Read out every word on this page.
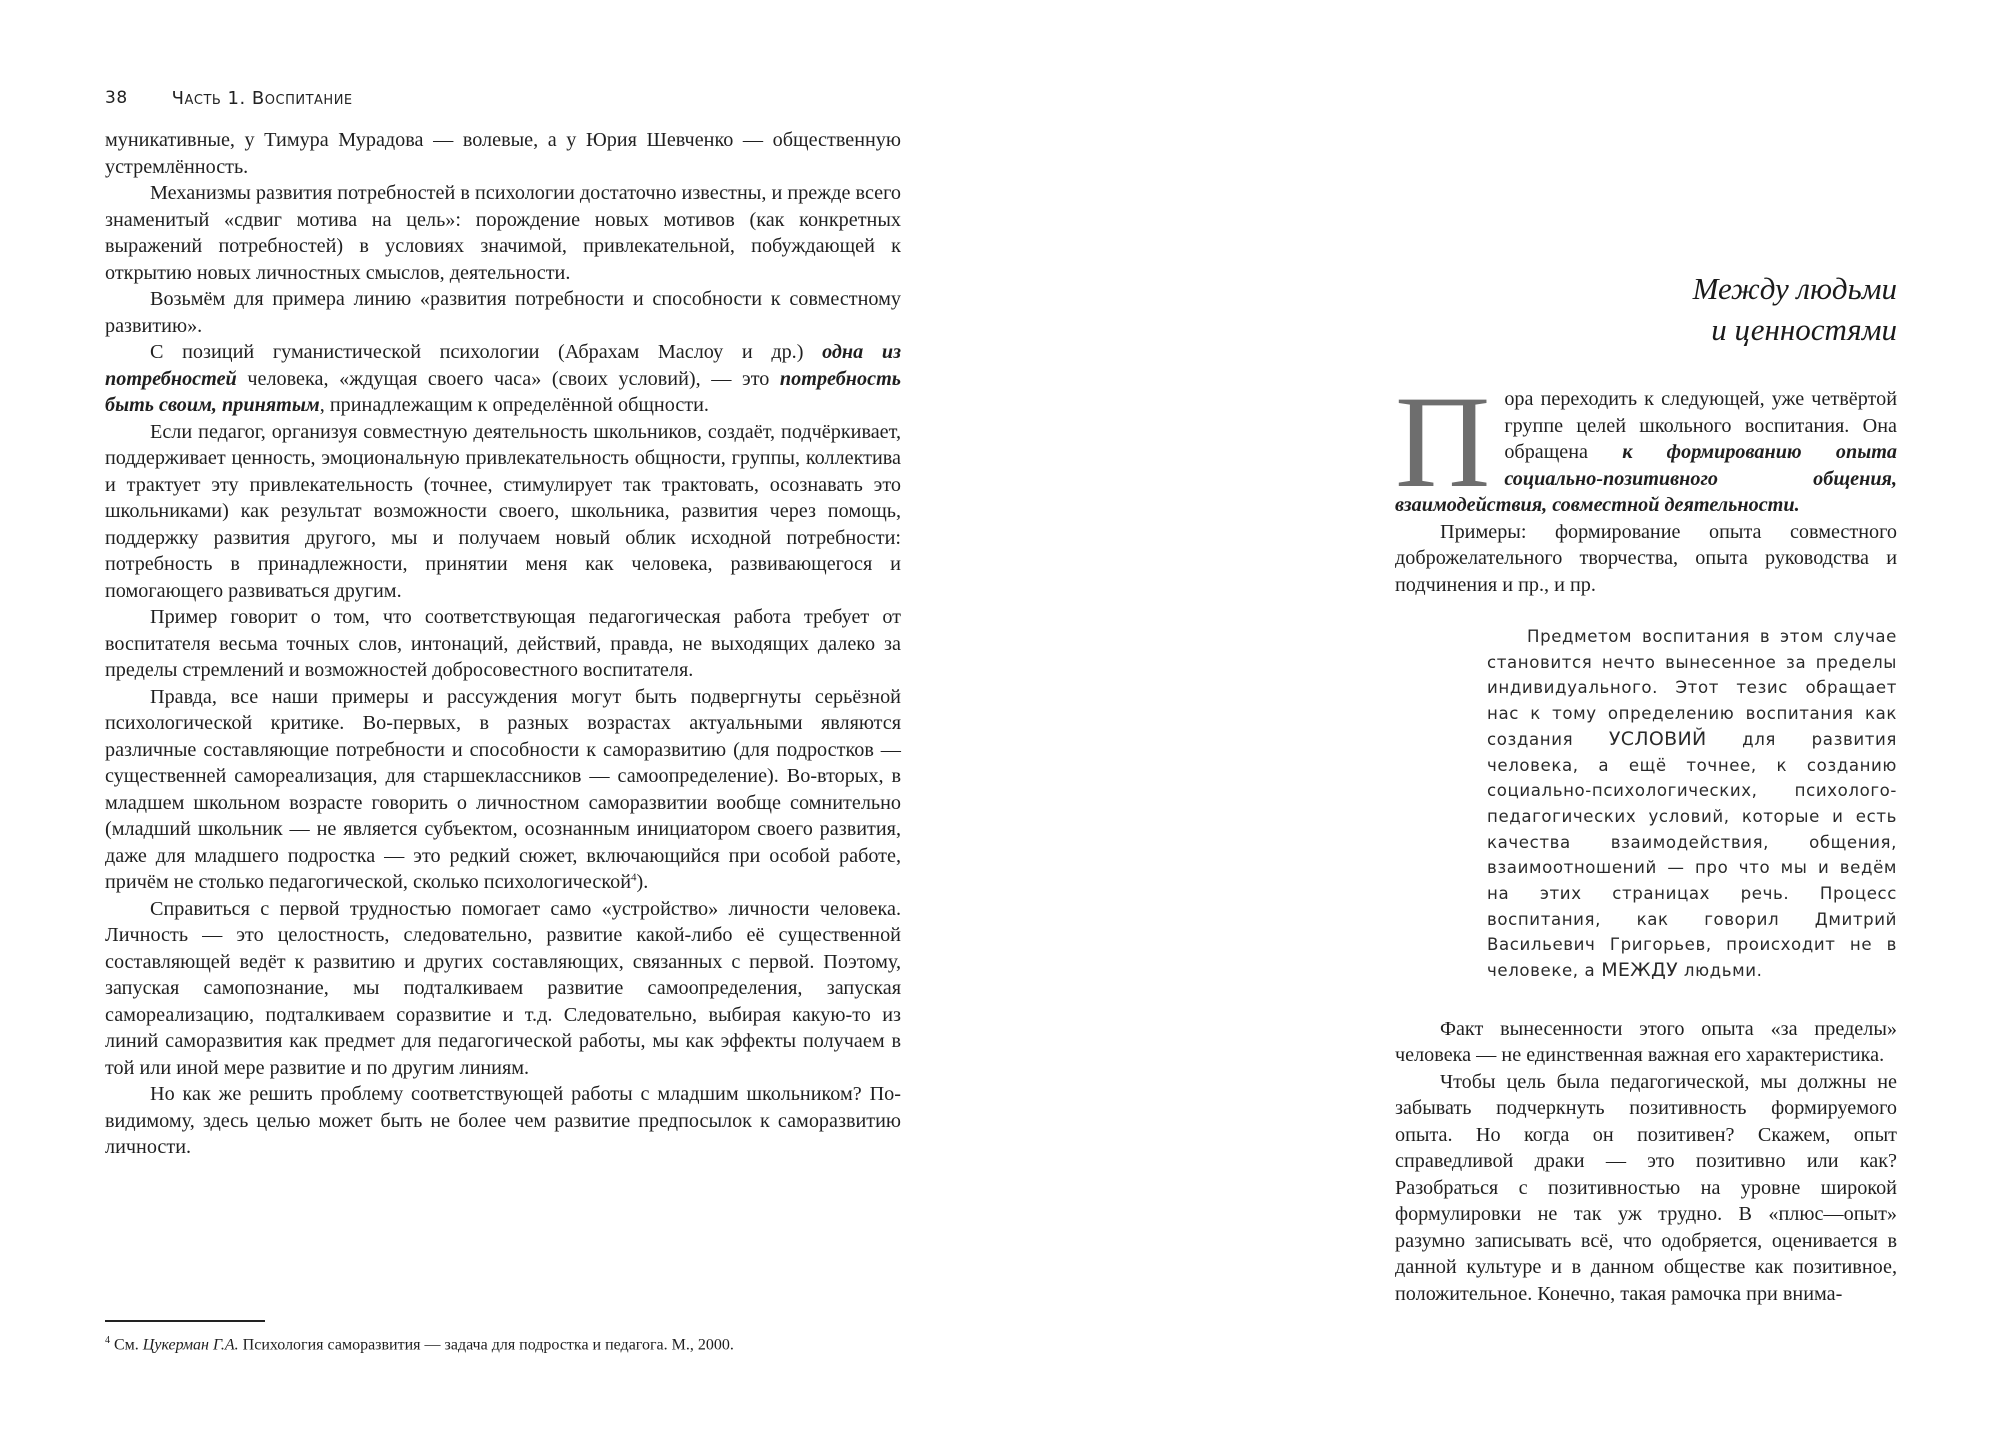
38 Часть 1. Воспитание

муникативные, у Тимура Мурадова — волевые, а у Юрия Шевченко — общественную устремлённость.

Механизмы развития потребностей в психологии достаточно известны, и прежде всего знаменитый «сдвиг мотива на цель»: порождение новых мотивов (как конкретных выражений потребностей) в условиях значимой, привлекательной, побуждающей к открытию новых личностных смыслов, деятельности.

Возьмём для примера линию «развития потребности и способности к совместному развитию».

С позиций гуманистической психологии (Абрахам Маслоу и др.) одна из потребностей человека, «ждущая своего часа» (своих условий), — это потребность быть своим, принятым, принадлежащим к определённой общности.

Если педагог, организуя совместную деятельность школьников, создаёт, подчёркивает, поддерживает ценность, эмоциональную привлекательность общности, группы, коллектива и трактует эту привлекательность (точнее, стимулирует так трактовать, осознавать это школьниками) как результат возможности своего, школьника, развития через помощь, поддержку развития другого, мы и получаем новый облик исходной потребности: потребность в принадлежности, принятии меня как человека, развивающегося и помогающего развиваться другим.

Пример говорит о том, что соответствующая педагогическая работа требует от воспитателя весьма точных слов, интонаций, действий, правда, не выходящих далеко за пределы стремлений и возможностей добросовестного воспитателя.

Правда, все наши примеры и рассуждения могут быть подвергнуты серьёзной психологической критике. Во-первых, в разных возрастах актуальными являются различные составляющие потребности и способности к саморазвитию (для подростков — существенней самореализация, для старшеклассников — самоопределение). Во-вторых, в младшем школьном возрасте говорить о личностном саморазвитии вообще сомнительно (младший школьник — не является субъектом, осознанным инициатором своего развития, даже для младшего подростка — это редкий сюжет, включающийся при особой работе, причём не столько педагогической, сколько психологической$^4$).

Справиться с первой трудностью помогает само «устройство» личности человека. Личность — это целостность, следовательно, развитие какой-либо её существенной составляющей ведёт к развитию и других составляющих, связанных с первой. Поэтому, запуская самопознание, мы подталкиваем развитие самоопределения, запуская самореализацию, подталкиваем соразвитие и т.д. Следовательно, выбирая какую-то из линий саморазвития как предмет для педагогической работы, мы как эффекты получаем в той или иной мере развитие и по другим линиям.

Но как же решить проблему соответствующей работы с младшим школьником? По-видимому, здесь целью может быть не более чем развитие предпосылок к саморазвитию личности.

$^4$ См. Цукерман Г.А. Психология саморазвития — задача для подростка и педагога. М., 2000.
Между людьми
и ценностями
Пора переходить к следующей, уже четвёртой группе целей школьного воспитания. Она обращена к формированию опыта социально-позитивного общения, взаимодействия, совместной деятельности.

Примеры: формирование опыта совместного доброжелательного творчества, опыта руководства и подчинения и пр., и пр.

Предметом воспитания в этом случае становится нечто вынесенное за пределы индивидуального. Этот тезис обращает нас к тому определению воспитания как создания УСЛОВИЙ для развития человека, а ещё точнее, к созданию социально-психологических, психолого-педагогических условий, которые и есть качества взаимодействия, общения, взаимоотношений — про что мы и ведём на этих страницах речь. Процесс воспитания, как говорил Дмитрий Васильевич Григорьев, происходит не в человеке, а МЕЖДУ людьми.

Факт вынесенности этого опыта «за пределы» человека — не единственная важная его характеристика.

Чтобы цель была педагогической, мы должны не забывать подчеркнуть позитивность формируемого опыта. Но когда он позитивен? Скажем, опыт справедливой драки — это позитивно или как? Разобраться с позитивностью на уровне широкой формулировки не так уж трудно. В «плюс—опыт» разумно записывать всё, что одобряется, оценивается в данной культуре и в данном обществе как позитивное, положительное. Конечно, такая рамочка при внима-
